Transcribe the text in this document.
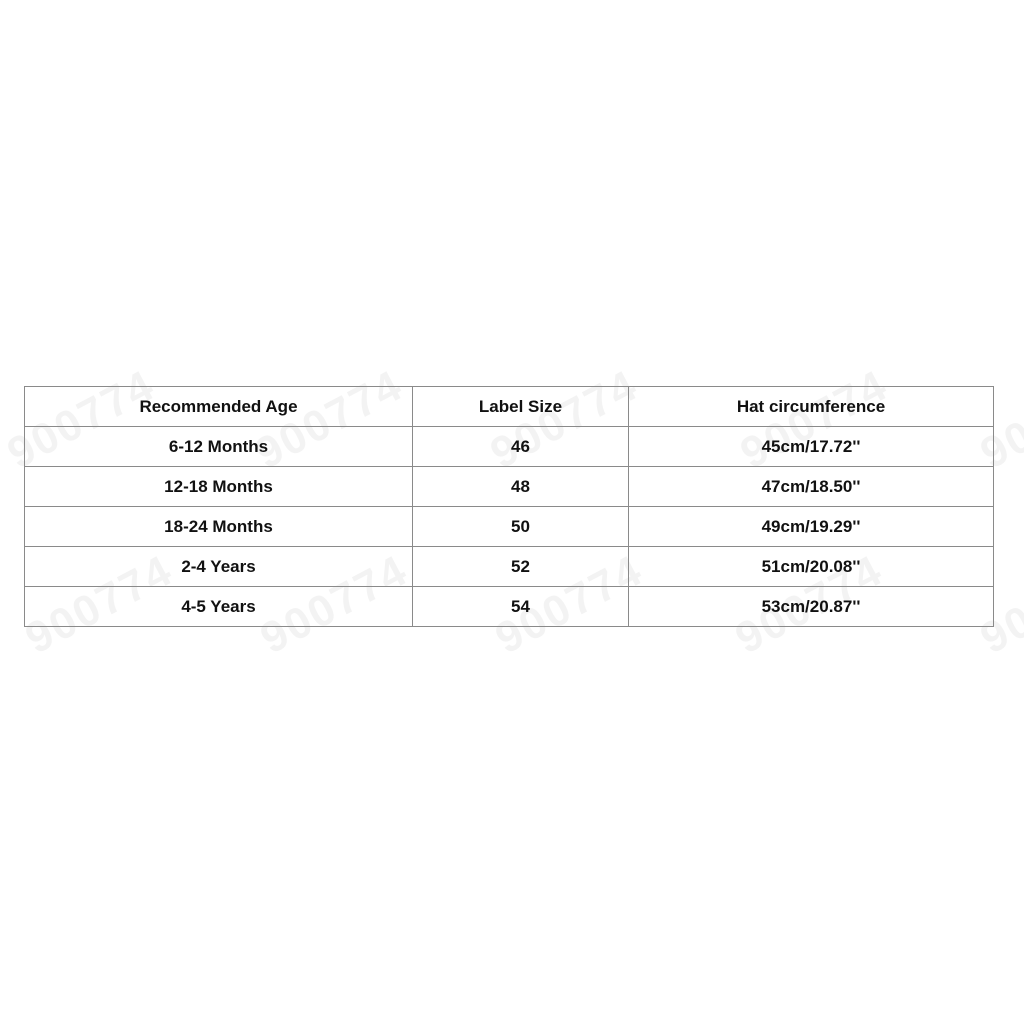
Recommended Age	Label Size	Hat circumference
6-12 Months	46	45cm/17.72''
12-18 Months	48	47cm/18.50''
18-24 Months	50	49cm/19.29''
2-4 Years	52	51cm/20.08''
4-5 Years	54	53cm/20.87''
